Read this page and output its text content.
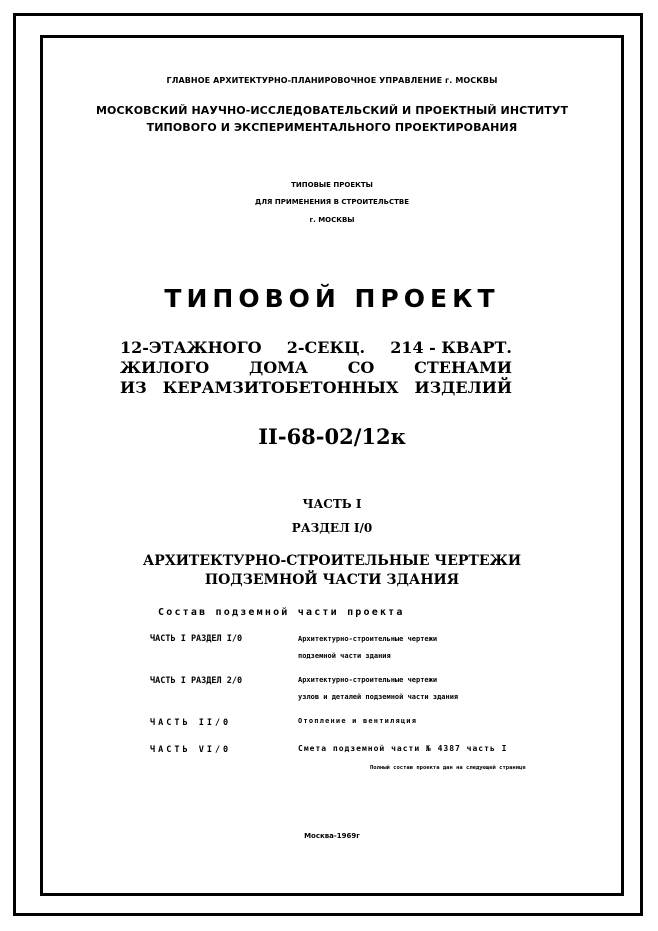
ГЛАВНОЕ АРХИТЕКТУРНО-ПЛАНИРОВОЧНОЕ УПРАВЛЕНИЕ г. МОСКВЫ
МОСКОВСКИЙ НАУЧНО-ИССЛЕДОВАТЕЛЬСКИЙ И ПРОЕКТНЫЙ ИНСТИТУТ
ТИПОВОГО И ЭКСПЕРИМЕНТАЛЬНОГО ПРОЕКТИРОВАНИЯ
ТИПОВЫЕ ПРОЕКТЫ
ДЛЯ ПРИМЕНЕНИЯ В СТРОИТЕЛЬСТВЕ
г. МОСКВЫ
ТИПОВОЙ ПРОЕКТ
12-ЭТАЖНОГО 2-СЕКЦ. 214 - КВАРТ.
ЖИЛОГО ДОМА СО СТЕНАМИ
ИЗ КЕРАМЗИТОБЕТОННЫХ ИЗДЕЛИЙ
II-68-02/12к
ЧАСТЬ I
РАЗДЕЛ I/0
АРХИТЕКТУРНО-СТРОИТЕЛЬНЫЕ ЧЕРТЕЖИ
ПОДЗЕМНОЙ ЧАСТИ ЗДАНИЯ
Состав подземной части проекта
ЧАСТЬ I РАЗДЕЛ I/0	Архитектурно-строительные чертежи
подземной части здания
ЧАСТЬ I РАЗДЕЛ 2/0	Архитектурно-строительные чертежи
узлов и деталей подземной части здания
ЧАСТЬ II/0	Отопление и вентиляция
ЧАСТЬ VI/0	Смета подземной части № 4387 часть I
Полный состав проекта дан на следующей странице
Москва-1969г
